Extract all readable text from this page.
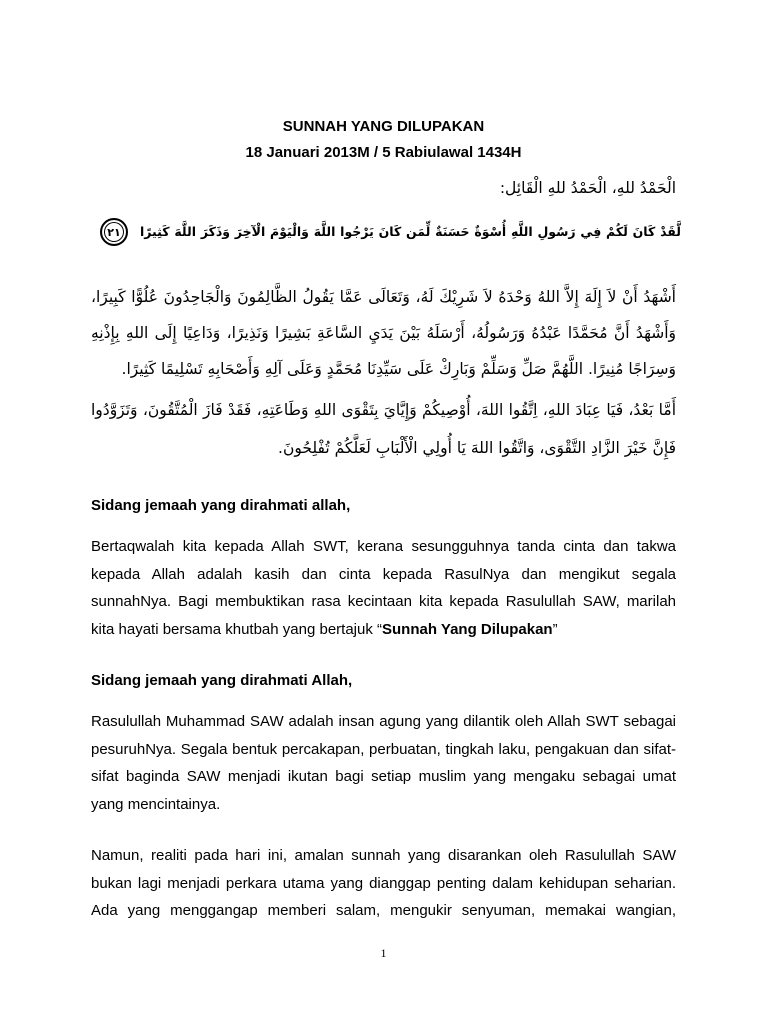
SUNNAH YANG DILUPAKAN
18 Januari 2013M / 5 Rabiulawal 1434H
الْحَمْدُ للهِ، الْحَمْدُ للهِ الْقَائِل:
لَّقَدْ كَانَ لَكُمْ فِي رَسُولِ اللَّهِ أُسْوَةٌ حَسَنَةٌ لِّمَن كَانَ يَرْجُوا اللَّهَ وَالْيَوْمَ الْآخِرَ وَذَكَرَ اللَّهَ كَثِيرًا
٢١
أَشْهَدُ أَنْ لاَ إِلَهَ إِلاَّ اللهُ وَحْدَهُ لاَ شَرِيْكَ لَهُ، وَتَعَالَى عَمَّا يَقُولُ الظَّالِمُونَ وَالْجَاحِدُونَ عُلُوًّا كَبِيرًا،
وَأَشْهَدُ أَنَّ مُحَمَّدًا عَبْدُهُ وَرَسُولُهُ، أَرْسَلَهُ بَيْنَ يَدَيِ السَّاعَةِ بَشِيرًا وَنَذِيرًا، وَدَاعِيًا إِلَى اللهِ بِإِذْنِهِ
وَسِرَاجًا مُنِيرًا. اللَّهُمَّ صَلِّ وَسَلِّمْ وَبَارِكْ عَلَى سَيِّدِنَا مُحَمَّدٍ وَعَلَى آلِهِ وَأَصْحَابِهِ تَسْلِيمًا كَثِيرًا.
أَمَّا بَعْدُ، فَيَا عِبَادَ اللهِ، اِتَّقُوا اللهَ، أُوْصِيكُمْ وَإِيَّايَ بِتَقْوَى اللهِ وَطَاعَتِهِ، فَقَدْ فَازَ الْمُتَّقُونَ، وَتَزَوَّدُوا
فَإِنَّ خَيْرَ الزَّادِ التَّقْوَى، وَاتَّقُوا اللهَ يَا أُولِي الْأَلْبَابِ لَعَلَّكُمْ تُفْلِحُونَ.
Sidang jemaah yang dirahmati allah,
Bertaqwalah kita kepada Allah SWT, kerana sesungguhnya tanda cinta dan takwa kepada Allah adalah kasih dan cinta kepada RasulNya dan mengikut segala sunnahNya. Bagi membuktikan rasa kecintaan kita kepada Rasulullah SAW, marilah kita hayati bersama khutbah yang bertajuk “Sunnah Yang Dilupakan”
Sidang jemaah yang dirahmati Allah,
Rasulullah Muhammad SAW adalah insan agung yang dilantik oleh Allah SWT sebagai pesuruhNya. Segala bentuk percakapan, perbuatan, tingkah laku, pengakuan dan sifat-sifat baginda SAW menjadi ikutan bagi setiap muslim yang mengaku sebagai umat yang mencintainya.
Namun, realiti pada hari ini, amalan sunnah yang disarankan oleh Rasulullah SAW bukan lagi menjadi perkara utama yang dianggap penting dalam kehidupan seharian. Ada yang menggangap memberi salam, mengukir senyuman, memakai wangian,
1
